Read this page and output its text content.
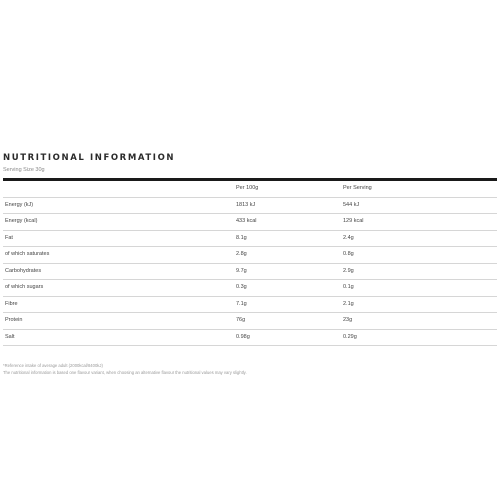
NUTRITIONAL INFORMATION
Serving Size 30g
	Per 100g	Per Serving
Energy (kJ)	1813 kJ	544 kJ
Energy (kcal)	433 kcal	129 kcal
Fat	8.1g	2.4g
of which saturates	2.8g	0.8g
Carbohydrates	9.7g	2.9g
of which sugars	0.3g	0.1g
Fibre	7.1g	2.1g
Protein	76g	23g
Salt	0.98g	0.29g
*Reference intake of average adult (2000kcal/8400kJ)
The nutritional information is based one flavour variant, when choosing an alternative flavour the nutritional values may vary slightly.
